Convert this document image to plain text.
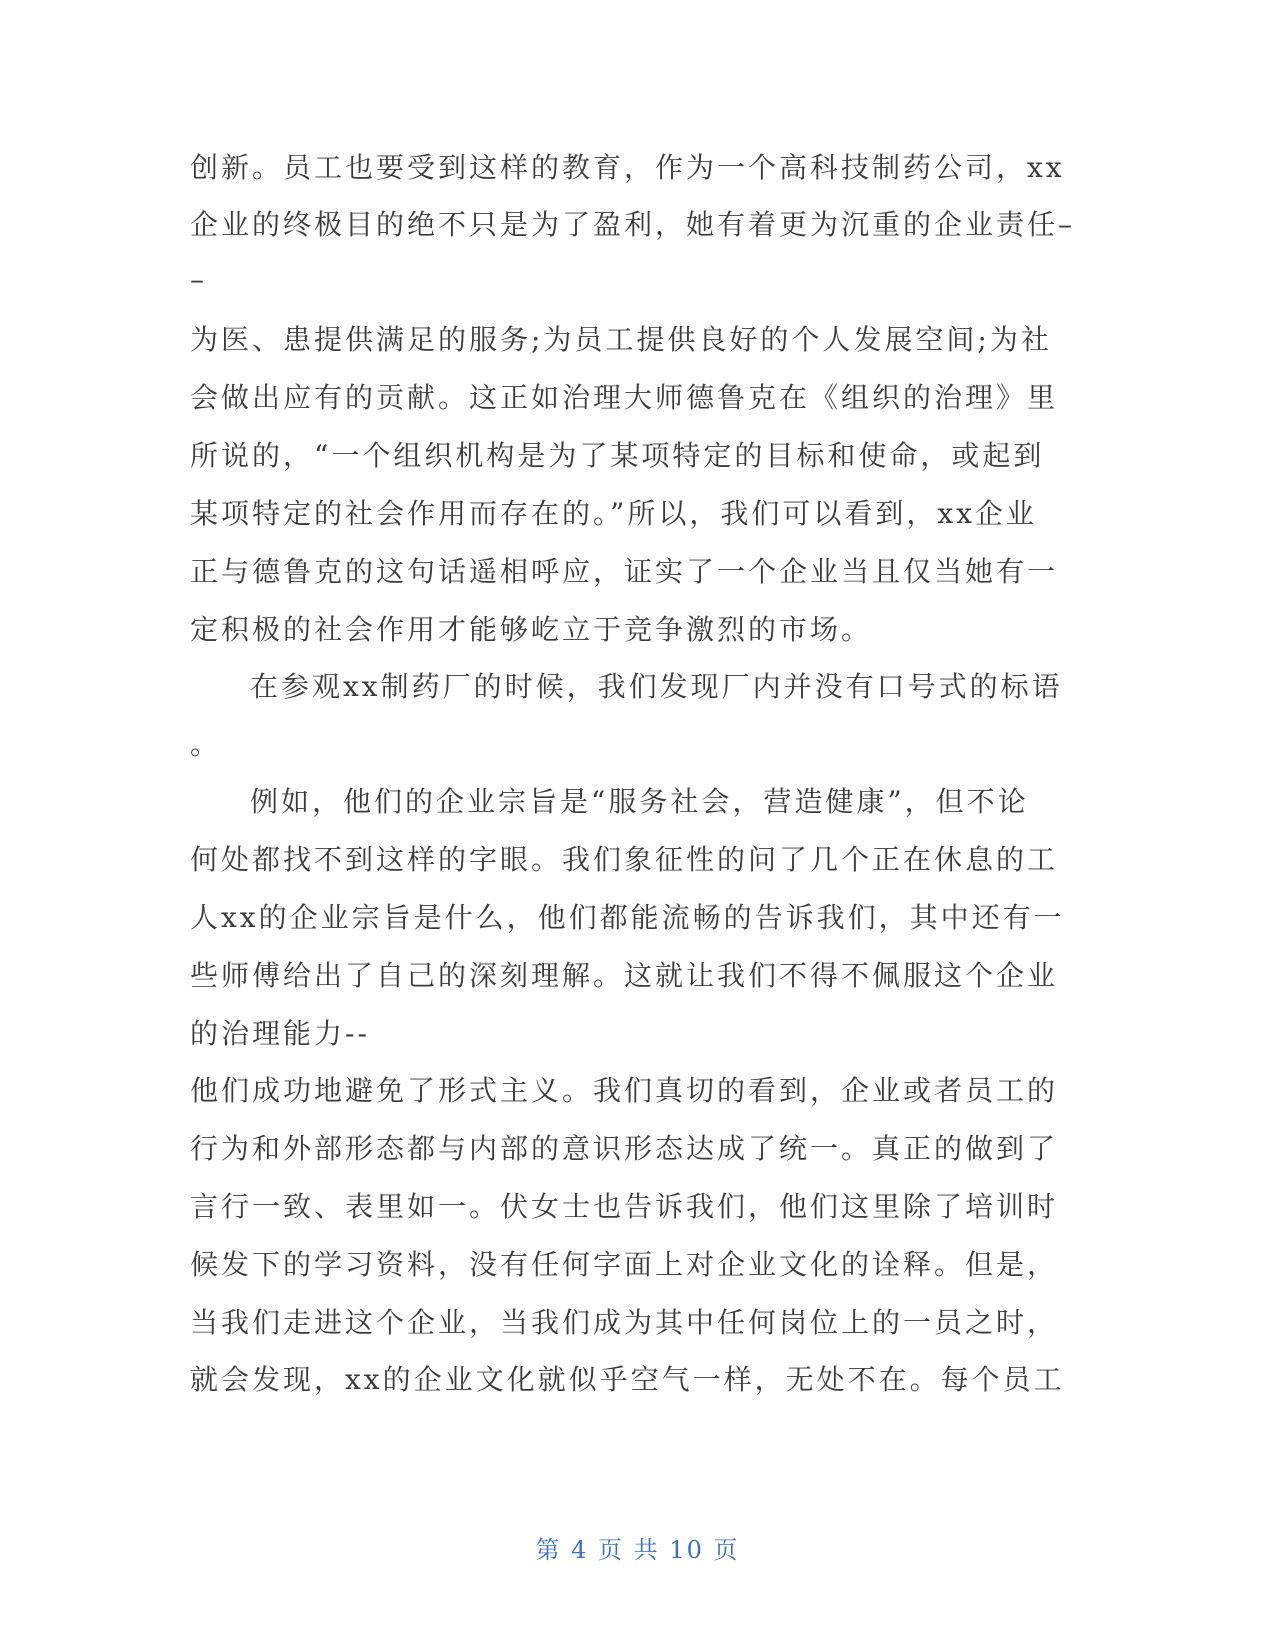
创新。员工也要受到这样的教育，作为一个高科技制药公司，xx
企业的终极目的绝不只是为了盈利，她有着更为沉重的企业责任–
–
为医、患提供满足的服务;为员工提供良好的个人发展空间;为社
会做出应有的贡献。这正如治理大师德鲁克在《组织的治理》里
所说的，“一个组织机构是为了某项特定的目标和使命，或起到
某项特定的社会作用而存在的。”所以，我们可以看到，xx企业
正与德鲁克的这句话遥相呼应，证实了一个企业当且仅当她有一
定积极的社会作用才能够屹立于竞争激烈的市场。
在参观xx制药厂的时候，我们发现厂内并没有口号式的标语
。
例如，他们的企业宗旨是“服务社会，营造健康”，但不论
何处都找不到这样的字眼。我们象征性的问了几个正在休息的工
人xx的企业宗旨是什么，他们都能流畅的告诉我们，其中还有一
些师傅给出了自己的深刻理解。这就让我们不得不佩服这个企业
的治理能力--
他们成功地避免了形式主义。我们真切的看到，企业或者员工的
行为和外部形态都与内部的意识形态达成了统一。真正的做到了
言行一致、表里如一。伏女士也告诉我们，他们这里除了培训时
候发下的学习资料，没有任何字面上对企业文化的诠释。但是，
当我们走进这个企业，当我们成为其中任何岗位上的一员之时，
就会发现，xx的企业文化就似乎空气一样，无处不在。每个员工
第 4 页 共 10 页
